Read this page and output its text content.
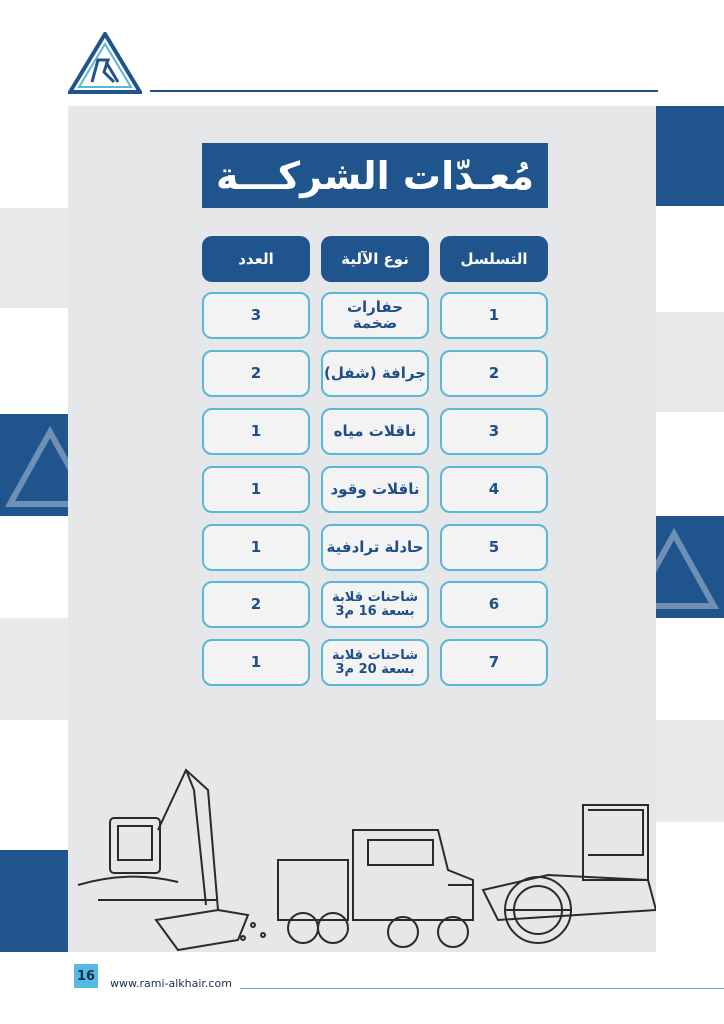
مُعـدّات الشركـــة
التسلسل
نوع الآلية
العدد
1
حفارات ضخمة
3
2
جرافة (شفل)
2
3
ناقلات مياه
1
4
ناقلات وقود
1
5
حادلة ترادفية
1
6
شاحنات قلابة
بسعة 16 م3
2
7
شاحنات قلابة
بسعة 20 م3
1
16 www.rami-alkhair.com
